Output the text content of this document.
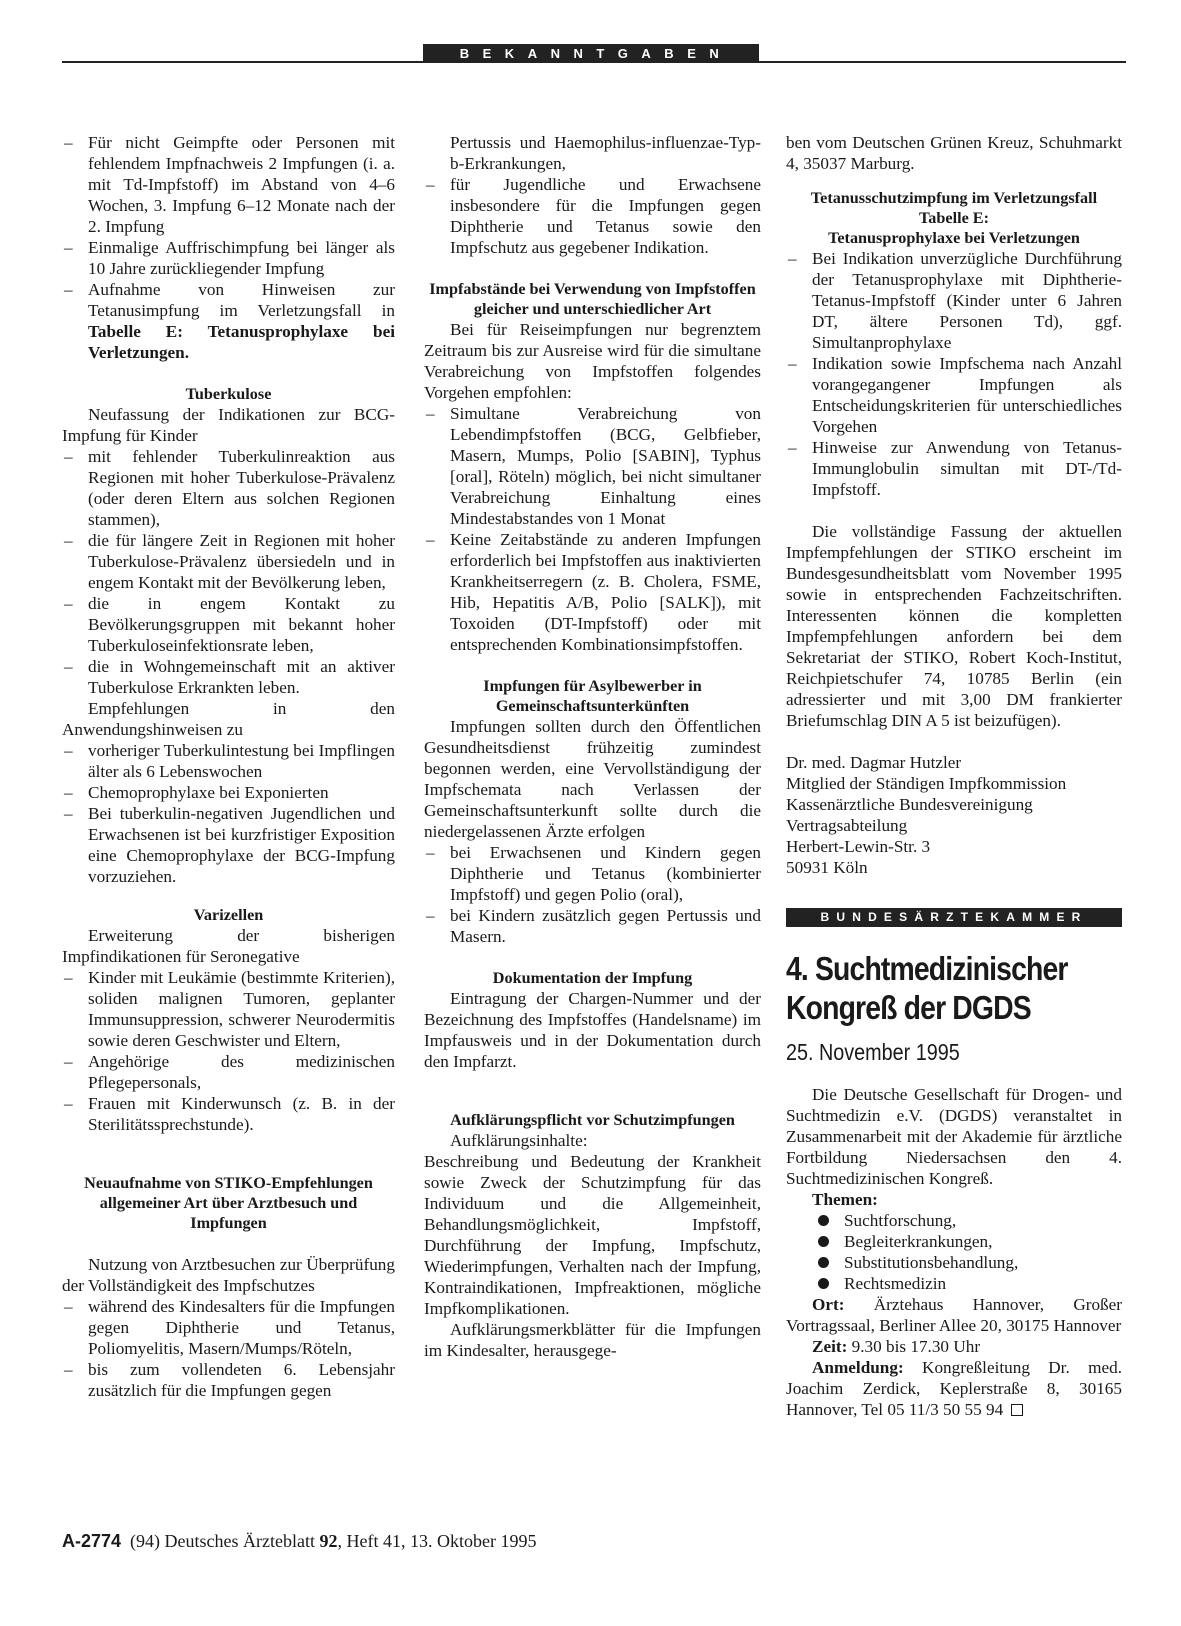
BEKANNTGABEN
– Für nicht Geimpfte oder Personen mit fehlendem Impfnachweis 2 Impfungen (i. a. mit Td-Impfstoff) im Abstand von 4–6 Wochen, 3. Impfung 6–12 Monate nach der 2. Impfung
– Einmalige Auffrischimpfung bei länger als 10 Jahre zurückliegender Impfung
– Aufnahme von Hinweisen zur Tetanusimpfung im Verletzungsfall in Tabelle E: Tetanusprophylaxe bei Verletzungen.
Tuberkulose
Neufassung der Indikationen zur BCG-Impfung für Kinder
– mit fehlender Tuberkulinreaktion aus Regionen mit hoher Tuberkulose-Prävalenz (oder deren Eltern aus solchen Regionen stammen),
– die für längere Zeit in Regionen mit hoher Tuberkulose-Prävalenz übersiedeln und in engem Kontakt mit der Bevölkerung leben,
– die in engem Kontakt zu Bevölkerungsgruppen mit bekannt hoher Tuberkuloseinfektionsrate leben,
– die in Wohngemeinschaft mit an aktiver Tuberkulose Erkrankten leben.
Empfehlungen in den Anwendungshinweisen zu
– vorheriger Tuberkulintestung bei Impflingen älter als 6 Lebenswochen
– Chemoprophylaxe bei Exponierten
– Bei tuberkulin-negativen Jugendlichen und Erwachsenen ist bei kurzfristiger Exposition eine Chemoprophylaxe der BCG-Impfung vorzuziehen.
Varizellen
Erweiterung der bisherigen Impfindikationen für Seronegative
– Kinder mit Leukämie (bestimmte Kriterien), soliden malignen Tumoren, geplanter Immunsuppression, schwerer Neurodermitis sowie deren Geschwister und Eltern,
– Angehörige des medizinischen Pflegepersonals,
– Frauen mit Kinderwunsch (z. B. in der Sterilitätssprechstunde).
Neuaufnahme von STIKO-Empfehlungen allgemeiner Art über Arztbesuch und Impfungen
Nutzung von Arztbesuchen zur Überprüfung der Vollständigkeit des Impfschutzes
– während des Kindesalters für die Impfungen gegen Diphtherie und Tetanus, Poliomyelitis, Masern/Mumps/Röteln,
– bis zum vollendeten 6. Lebensjahr zusätzlich für die Impfungen gegen
Pertussis und Haemophilus-influenzae-Typ-b-Erkrankungen,
– für Jugendliche und Erwachsene insbesondere für die Impfungen gegen Diphtherie und Tetanus sowie den Impfschutz aus gegebener Indikation.
Impfabstände bei Verwendung von Impfstoffen gleicher und unterschiedlicher Art
Bei für Reiseimpfungen nur begrenztem Zeitraum bis zur Ausreise wird für die simultane Verabreichung von Impfstoffen folgendes Vorgehen empfohlen:
– Simultane Verabreichung von Lebendimpfstoffen (BCG, Gelbfieber, Masern, Mumps, Polio [SABIN], Typhus [oral], Röteln) möglich, bei nicht simultaner Verabreichung Einhaltung eines Mindestabstandes von 1 Monat
– Keine Zeitabstände zu anderen Impfungen erforderlich bei Impfstoffen aus inaktivierten Krankheitserregern (z. B. Cholera, FSME, Hib, Hepatitis A/B, Polio [SALK]), mit Toxoiden (DT-Impfstoff) oder mit entsprechenden Kombinationsimpfstoffen.
Impfungen für Asylbewerber in Gemeinschaftsunterkünften
Impfungen sollten durch den Öffentlichen Gesundheitsdienst frühzeitig zumindest begonnen werden, eine Vervollständigung der Impfschemata nach Verlassen der Gemeinschaftsunterkunft sollte durch die niedergelassenen Ärzte erfolgen
– bei Erwachsenen und Kindern gegen Diphtherie und Tetanus (kombinierter Impfstoff) und gegen Polio (oral),
– bei Kindern zusätzlich gegen Pertussis und Masern.
Dokumentation der Impfung
Eintragung der Chargen-Nummer und der Bezeichnung des Impfstoffes (Handelsname) im Impfausweis und in der Dokumentation durch den Impfarzt.
Aufklärungspflicht vor Schutzimpfungen
Aufklärungsinhalte:
Beschreibung und Bedeutung der Krankheit sowie Zweck der Schutzimpfung für das Individuum und die Allgemeinheit, Behandlungsmöglichkeit, Impfstoff, Durchführung der Impfung, Impfschutz, Wiederimpfungen, Verhalten nach der Impfung, Kontraindikationen, Impfreaktionen, mögliche Impfkomplikationen.
Aufklärungsmerkblätter für die Impfungen im Kindesalter, herausgege-
ben vom Deutschen Grünen Kreuz, Schuhmarkt 4, 35037 Marburg.
Tetanusschutzimpfung im Verletzungsfall
Tabelle E:
Tetanusprophylaxe bei Verletzungen
– Bei Indikation unverzügliche Durchführung der Tetanusprophylaxe mit Diphtherie-Tetanus-Impfstoff (Kinder unter 6 Jahren DT, ältere Personen Td), ggf. Simultanprophylaxe
– Indikation sowie Impfschema nach Anzahl vorangegangener Impfungen als Entscheidungskriterien für unterschiedliches Vorgehen
– Hinweise zur Anwendung von Tetanus-Immunglobulin simultan mit DT-/Td-Impfstoff.
Die vollständige Fassung der aktuellen Impfempfehlungen der STIKO erscheint im Bundesgesundheitsblatt vom November 1995 sowie in entsprechenden Fachzeitschriften. Interessenten können die kompletten Impfempfehlungen anfordern bei dem Sekretariat der STIKO, Robert Koch-Institut, Reichpietschufer 74, 10785 Berlin (ein adressierter und mit 3,00 DM frankierter Briefumschlag DIN A 5 ist beizufügen).
Dr. med. Dagmar Hutzler
Mitglied der Ständigen Impfkommission
Kassenärztliche Bundesvereinigung
Vertragsabteilung
Herbert-Lewin-Str. 3
50931 Köln
BUNDESÄRZTEKAMMER
4. Suchtmedizinischer
Kongreß der DGDS
25. November 1995
Die Deutsche Gesellschaft für Drogen- und Suchtmedizin e.V. (DGDS) veranstaltet in Zusammenarbeit mit der Akademie für ärztliche Fortbildung Niedersachsen den 4. Suchtmedizinischen Kongreß.
Themen:
Suchtforschung,
Begleiterkrankungen,
Substitutionsbehandlung,
Rechtsmedizin
Ort: Ärztehaus Hannover, Großer Vortragssaal, Berliner Allee 20, 30175 Hannover
Zeit: 9.30 bis 17.30 Uhr
Anmeldung: Kongreßleitung Dr. med. Joachim Zerdick, Keplerstraße 8, 30165 Hannover, Tel 05 11/3 50 55 94
A-2774 (94) Deutsches Ärzteblatt 92, Heft 41, 13. Oktober 1995
